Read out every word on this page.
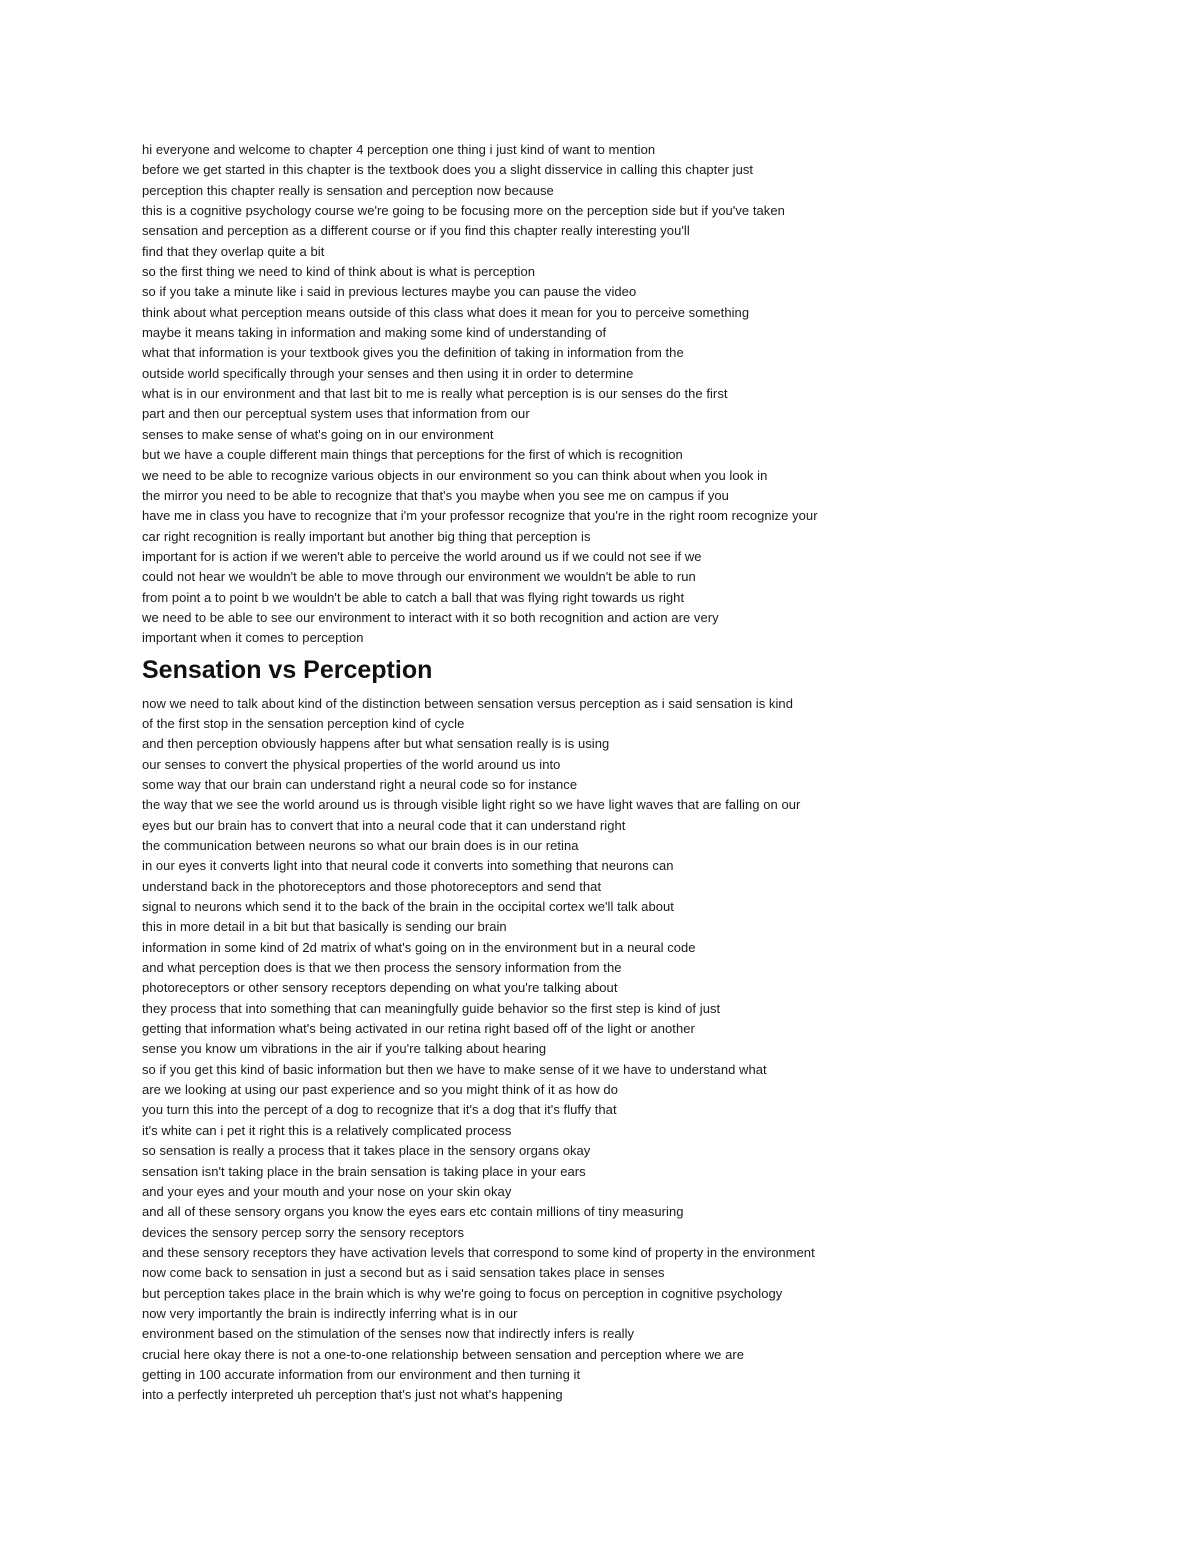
hi everyone and welcome to chapter 4 perception one thing i just kind of want to mention
before we get started in this chapter is the textbook does you a slight disservice in calling this chapter just
perception this chapter really is sensation and perception now because
this is a cognitive psychology course we're going to be focusing more on the perception side but if you've taken
sensation and perception as a different course or if you find this chapter really interesting you'll
find that they overlap quite a bit
so the first thing we need to kind of think about is what is perception
so if you take a minute like i said in previous lectures maybe you can pause the video
think about what perception means outside of this class what does it mean for you to perceive something
maybe it means taking in information and making some kind of understanding of
what that information is your textbook gives you the definition of taking in information from the
outside world specifically through your senses and then using it in order to determine
what is in our environment and that last bit to me is really what perception is is our senses do the first
part and then our perceptual system uses that information from our
senses to make sense of what's going on in our environment
but we have a couple different main things that perceptions for the first of which is recognition
we need to be able to recognize various objects in our environment so you can think about when you look in
the mirror you need to be able to recognize that that's you maybe when you see me on campus if you
have me in class you have to recognize that i'm your professor recognize that you're in the right room recognize your
car right recognition is really important but another big thing that perception is
important for is action if we weren't able to perceive the world around us if we could not see if we
could not hear we wouldn't be able to move through our environment we wouldn't be able to run
from point a to point b we wouldn't be able to catch a ball that was flying right towards us right
we need to be able to see our environment to interact with it so both recognition and action are very
important when it comes to perception
Sensation vs Perception
now we need to talk about kind of the distinction between sensation versus perception as i said sensation is kind
of the first stop in the sensation perception kind of cycle
and then perception obviously happens after but what sensation really is is using
our senses to convert the physical properties of the world around us into
some way that our brain can understand right a neural code so for instance
the way that we see the world around us is through visible light right so we have light waves that are falling on our
eyes but our brain has to convert that into a neural code that it can understand right
the communication between neurons so what our brain does is in our retina
in our eyes it converts light into that neural code it converts into something that neurons can
understand back in the photoreceptors and those photoreceptors and send that
signal to neurons which send it to the back of the brain in the occipital cortex we'll talk about
this in more detail in a bit but that basically is sending our brain
information in some kind of 2d matrix of what's going on in the environment but in a neural code
and what perception does is that we then process the sensory information from the
photoreceptors or other sensory receptors depending on what you're talking about
they process that into something that can meaningfully guide behavior so the first step is kind of just
getting that information what's being activated in our retina right based off of the light or another
sense you know um vibrations in the air if you're talking about hearing
so if you get this kind of basic information but then we have to make sense of it we have to understand what
are we looking at using our past experience and so you might think of it as how do
you turn this into the percept of a dog to recognize that it's a dog that it's fluffy that
it's white can i pet it right this is a relatively complicated process
so sensation is really a process that it takes place in the sensory organs okay
sensation isn't taking place in the brain sensation is taking place in your ears
and your eyes and your mouth and your nose on your skin okay
and all of these sensory organs you know the eyes ears etc contain millions of tiny measuring
devices the sensory percep sorry the sensory receptors
and these sensory receptors they have activation levels that correspond to some kind of property in the environment
now come back to sensation in just a second but as i said sensation takes place in senses
but perception takes place in the brain which is why we're going to focus on perception in cognitive psychology
now very importantly the brain is indirectly inferring what is in our
environment based on the stimulation of the senses now that indirectly infers is really
crucial here okay there is not a one-to-one relationship between sensation and perception where we are
getting in 100 accurate information from our environment and then turning it
into a perfectly interpreted uh perception that's just not what's happening
